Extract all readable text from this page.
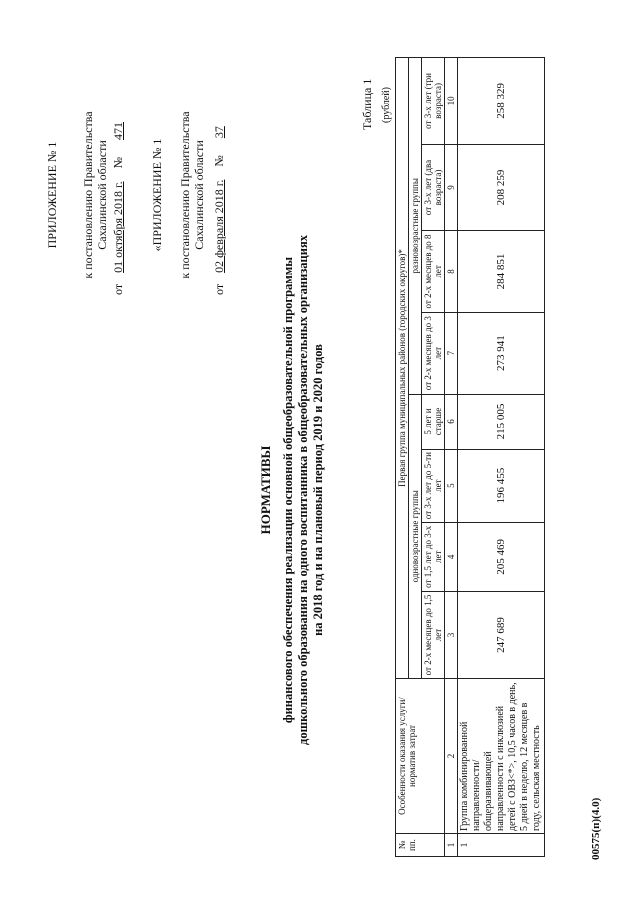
ПРИЛОЖЕНИЕ № 1 к постановлению Правительства Сахалинской области
от 01 октября 2018 г. № 471
«ПРИЛОЖЕНИЕ № 1 к постановлению Правительства Сахалинской области
от 02 февраля 2018 г. № 37
НОРМАТИВЫ финансового обеспечения реализации основной общеобразовательной программы дошкольного образования на одного воспитанника в общеобразовательных организациях на 2018 год и на плановый период 2019 и 2020 годов
Таблица 1 (рублей)
№ пп.	Особенности оказания услуги/норматив затрат	Первая группа муниципальных районов (городских округов)*							
		одновозрастные группы				разновозрастные группы			
		от 2-х месяцев до 1,5 лет	от 1,5 лет до 3-х лет	от 3-х лет до 5-ти лет	5 лет и старше	от 2-х месяцев до 3 лет	от 2-х месяцев до 8 лет	от 3-х лет (два возраста)	от 3-х лет (три возраста)
1	2	3	4	5	6	7	8	9	10
1	Группа комбинированной направленности/ общеразвивающей направленности с инклюзией детей с ОВЗ<*>, 10,5 часов в день, 5 дней в неделю, 12 месяцев в году, сельская местность	247 689	205 469	196 455	215 005	273 941	284 851	208 259	258 329
00575(п)(4.0)
